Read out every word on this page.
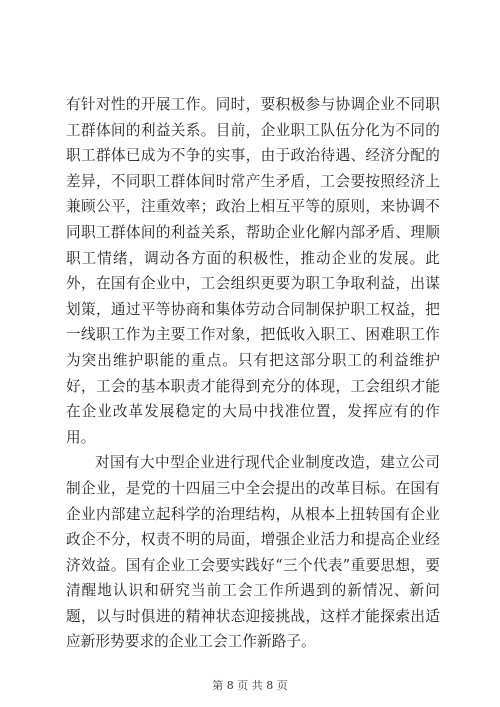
有针对性的开展工作。同时，要积极参与协调企业不同职工群体间的利益关系。目前，企业职工队伍分化为不同的职工群体已成为不争的实事，由于政治待遇、经济分配的差异，不同职工群体间时常产生矛盾，工会要按照经济上兼顾公平，注重效率；政治上相互平等的原则，来协调不同职工群体间的利益关系，帮助企业化解内部矛盾、理顺职工情绪，调动各方面的积极性，推动企业的发展。此外，在国有企业中，工会组织更要为职工争取利益，出谋划策，通过平等协商和集体劳动合同制保护职工权益，把一线职工作为主要工作对象，把低收入职工、困难职工作为突出维护职能的重点。只有把这部分职工的利益维护好，工会的基本职责才能得到充分的体现，工会组织才能在企业改革发展稳定的大局中找准位置，发挥应有的作用。

对国有大中型企业进行现代企业制度改造，建立公司制企业，是党的十四届三中全会提出的改革目标。在国有企业内部建立起科学的治理结构，从根本上扭转国有企业政企不分，权责不明的局面，增强企业活力和提高企业经济效益。国有企业工会要实践好“三个代表”重要思想，要清醒地认识和研究当前工会工作所遇到的新情况、新问题，以与时俱进的精神状态迎接挑战，这样才能探索出适应新形势要求的企业工会工作新路子。

第 8 页 共 8 页
